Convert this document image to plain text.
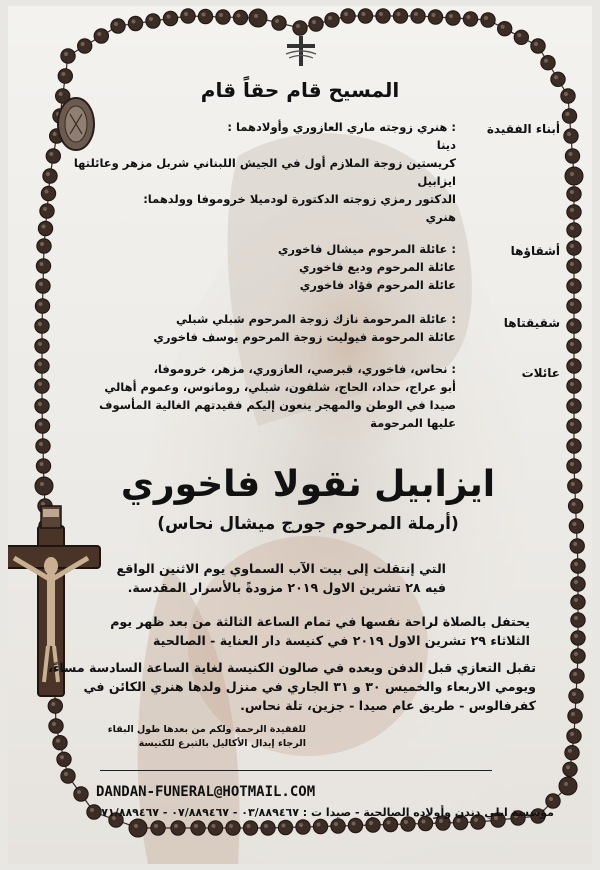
المسيح قام حقاً قام
أبناء الفقيدة
: هنري زوجته ماري العازوري وأولادهما :
دينا
كريستين زوجة الملازم أول في الجيش اللبناني شربل مزهر وعائلتها
ايزابيل
الدكتور رمزي زوجته الدكتورة لودميلا خروموفا وولدهما:
هنري
أشقاؤها
: عائلة المرحوم ميشال فاخوري
عائلة المرحوم وديع فاخوري
عائلة المرحوم فؤاد فاخوري
شقيقتاها
: عائلة المرحومة نازك زوجة المرحوم شبلي شبلي
عائلة المرحومة فيوليت زوجة المرحوم يوسف فاخوري
عائلات
: نحاس، فاخوري، قبرصي، العازوري، مزهر، خروموفا،
أبو عراج، حداد، الحاج، شلفون، شبلي، رومانوس، وعموم أهالي
صيدا في الوطن والمهجر ينعون إليكم فقيدتهم الغالية المأسوف
عليها المرحومة
ايزابيل نقولا فاخوري
(أرملة المرحوم جورج ميشال نحاس)
التي إنتقلت إلى بيت الآب السماوي يوم الاثنين الواقع
فيه ٢٨ تشرين الاول ٢٠١٩ مزودةً بالأسرار المقدسة.
يحتفل بالصلاة لراحة نفسها في تمام الساعة الثالثة من بعد ظهر يوم
الثلاثاء ٢٩ تشرين الاول ٢٠١٩ في كنيسة دار العناية - الصالحية
تقبل التعازي قبل الدفن وبعده في صالون الكنيسة لغاية الساعة السادسة مساءً،
ويومي الاربعاء والخميس ٣٠ و ٣١ الجاري في منزل ولدها هنري الكائن في
كفرفالوس - طريق عام صيدا - جزين، تلة نحاس.
للفقيدة الرحمة ولكم من بعدها طول البقاء
الرجاء إبدال الأكاليل بالتبرع للكنيسة
DANDAN-FUNERAL@HOTMAIL.COM
مؤسسة ايلي دندن وأولاده الصالحية - صيدا ت : ٠٣/٨٨٩٤٦٧ - ٠٧/٨٨٩٤٦٧ - ٧١/٨٨٩٤٦٧
